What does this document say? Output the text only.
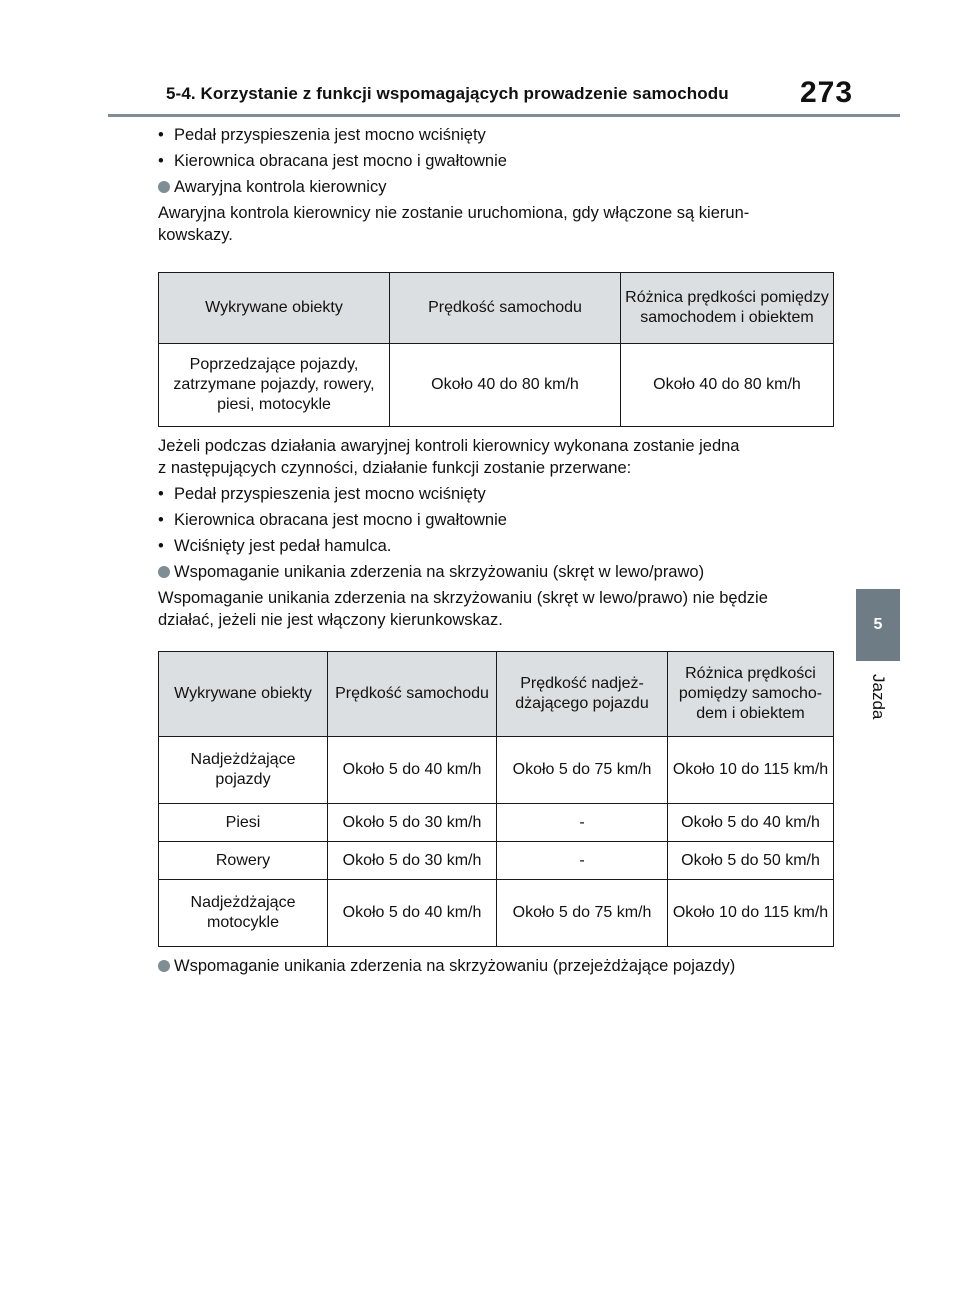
5-4. Korzystanie z funkcji wspomagających prowadzenie samochodu 273
5
Jazda
• Pedał przyspieszenia jest mocno wciśnięty
• Kierownica obracana jest mocno i gwałtownie
Awaryjna kontrola kierownicy
Awaryjna kontrola kierownicy nie zostanie uruchomiona, gdy włączone są kierun-
kowskazy.
Wykrywane obiekty	Prędkość samochodu	Różnica prędkości pomiędzy samochodem i obiektem
Poprzedzające pojazdy, zatrzymane pojazdy, rowery, piesi, motocykle	Około 40 do 80 km/h	Około 40 do 80 km/h
Jeżeli podczas działania awaryjnej kontroli kierownicy wykonana zostanie jedna
z następujących czynności, działanie funkcji zostanie przerwane:
• Pedał przyspieszenia jest mocno wciśnięty
• Kierownica obracana jest mocno i gwałtownie
• Wciśnięty jest pedał hamulca.
Wspomaganie unikania zderzenia na skrzyżowaniu (skręt w lewo/prawo)
Wspomaganie unikania zderzenia na skrzyżowaniu (skręt w lewo/prawo) nie będzie
działać, jeżeli nie jest włączony kierunkowskaz.
Wykrywane obiekty	Prędkość samochodu	Prędkość nadjeż-dżającego pojazdu	Różnica prędkości pomiędzy samocho-dem i obiektem
Nadjeżdżające pojazdy	Około 5 do 40 km/h	Około 5 do 75 km/h	Około 10 do 115 km/h
Piesi	Około 5 do 30 km/h	-	Około 5 do 40 km/h
Rowery	Około 5 do 30 km/h	-	Około 5 do 50 km/h
Nadjeżdżające motocykle	Około 5 do 40 km/h	Około 5 do 75 km/h	Około 10 do 115 km/h
Wspomaganie unikania zderzenia na skrzyżowaniu (przejeżdżające pojazdy)
